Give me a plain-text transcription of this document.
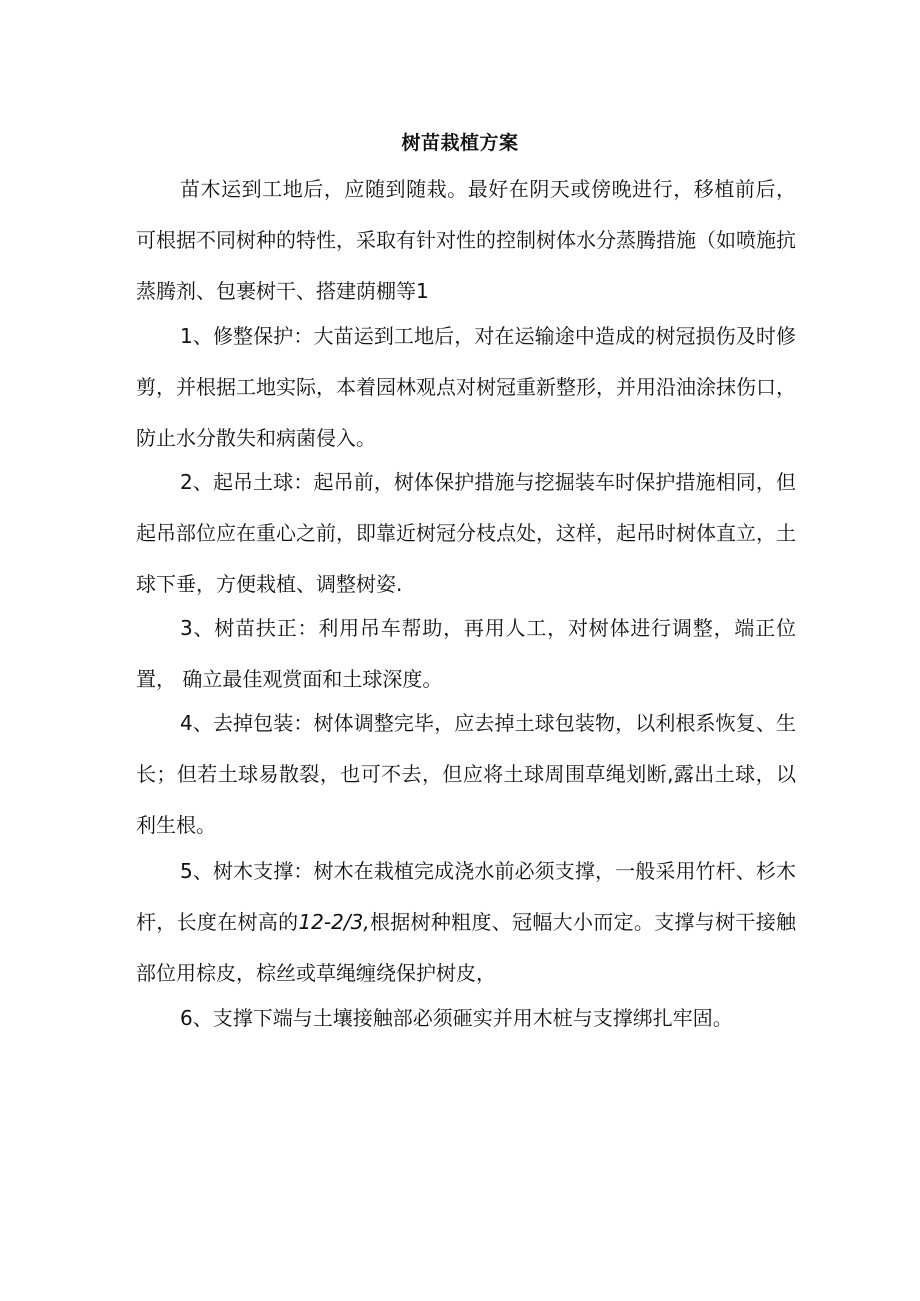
树苗栽植方案

苗木运到工地后，应随到随栽。最好在阴天或傍晚进行，移植前后，可根据不同树种的特性，采取有针对性的控制树体水分蒸腾措施（如喷施抗蒸腾剂、包裹树干、搭建荫棚等1

1、修整保护：大苗运到工地后，对在运输途中造成的树冠损伤及时修剪，并根据工地实际，本着园林观点对树冠重新整形，并用沿油涂抹伤口， 防止水分散失和病菌侵入。

2、起吊土球：起吊前，树体保护措施与挖掘装车时保护措施相同，但起吊部位应在重心之前，即靠近树冠分枝点处，这样，起吊时树体直立，土球下垂，方便栽植、调整树姿.

3、树苗扶正：利用吊车帮助，再用人工，对树体进行调整，端正位置， 确立最佳观赏面和土球深度。

4、去掉包装：树体调整完毕，应去掉土球包装物，以利根系恢复、生长；但若土球易散裂，也可不去，但应将土球周围草绳划断,露出土球，以利生根。

5、树木支撑：树木在栽植完成浇水前必须支撑，一般采用竹杆、杉木杆，长度在树高的12-2/3,根据树种粗度、冠幅大小而定。支撑与树干接触部位用棕皮，棕丝或草绳缠绕保护树皮，

6、支撑下端与土壤接触部必须砸实并用木桩与支撑绑扎牢固。
